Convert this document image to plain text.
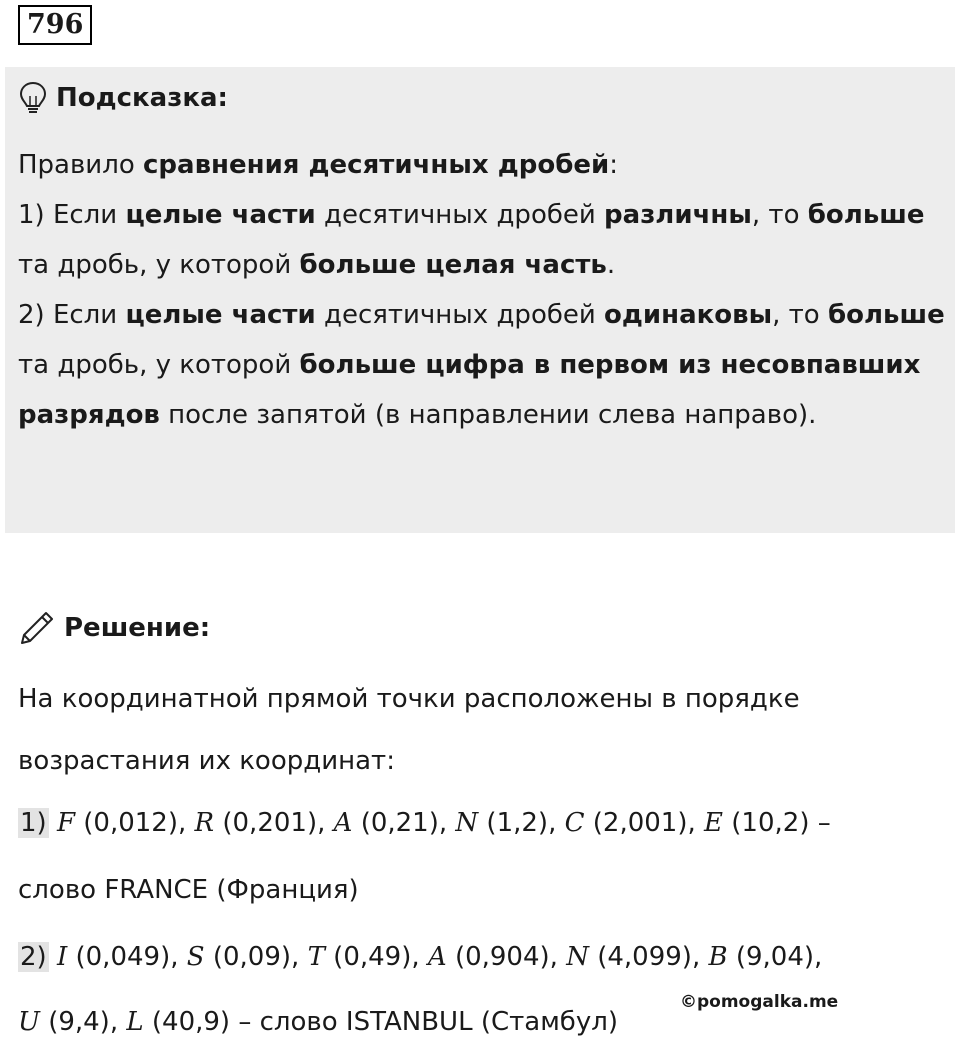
796
Подсказка:

Правило сравнения десятичных дробей:

1) Если целые части десятичных дробей различны, то больше та дробь, у которой больше целая часть.

2) Если целые части десятичных дробей одинаковы, то больше та дробь, у которой больше цифра в первом из несовпавших разрядов после запятой (в направлении слева направо).

Решение:
На координатной прямой точки расположены в порядке возрастания их координат:
1) F (0,012), R (0,201), A (0,21), N (1,2), C (2,001), E (10,2) –
слово FRANCE (Франция)
2) I (0,049), S (0,09), T (0,49), A (0,904), N (4,099), B (9,04),
U (9,4), L (40,9) – слово ISTANBUL (Стамбул)
©pomogalka.me
